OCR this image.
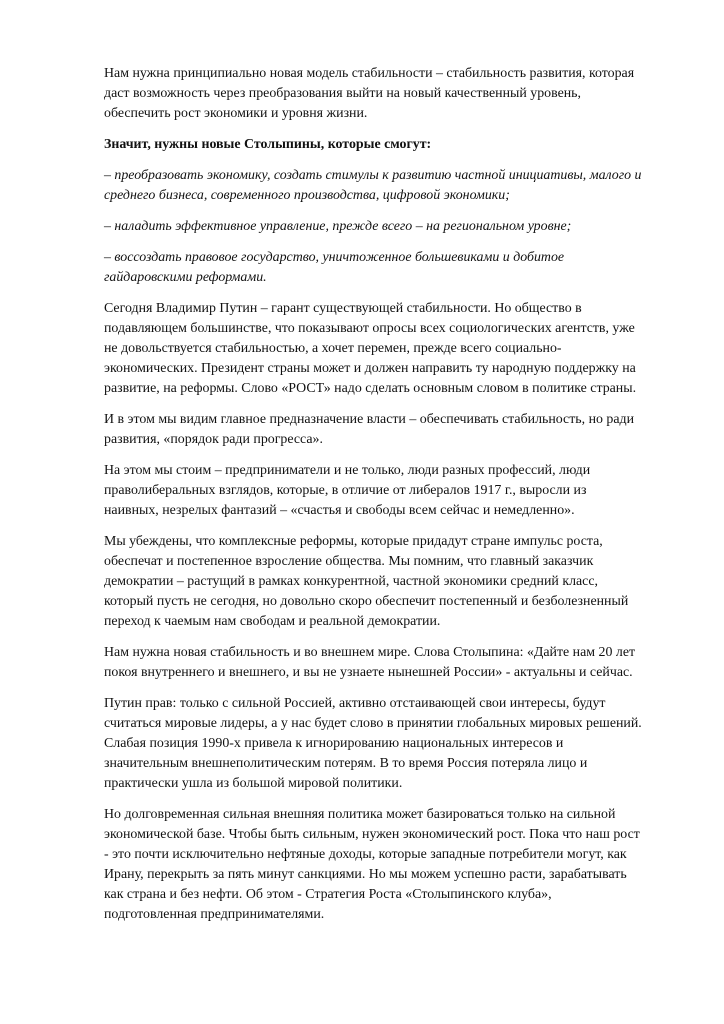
Нам нужна принципиально новая модель стабильности – стабильность развития, которая
даст возможность через преобразования выйти на новый качественный уровень,
обеспечить рост экономики и уровня жизни.

Значит, нужны новые Столыпины, которые смогут:

– преобразовать экономику, создать стимулы к развитию частной инициативы, малого и
среднего бизнеса, современного производства, цифровой экономики;

– наладить эффективное управление, прежде всего – на региональном уровне;

– воссоздать правовое государство, уничтоженное большевиками и добитое
гайдаровскими реформами.

Сегодня Владимир Путин – гарант существующей стабильности. Но общество в
подавляющем большинстве, что показывают опросы всех социологических агентств, уже
не довольствуется стабильностью, а хочет перемен, прежде всего социально-
экономических. Президент страны может и должен направить ту народную поддержку на
развитие, на реформы. Слово «РОСТ» надо сделать основным словом в политике страны.

И в этом мы видим главное предназначение власти – обеспечивать стабильность, но ради
развития, «порядок ради прогресса».

На этом мы стоим – предприниматели и не только, люди разных профессий, люди
праволиберальных взглядов, которые, в отличие от либералов 1917 г., выросли из
наивных, незрелых фантазий – «счастья и свободы всем сейчас и немедленно».

Мы убеждены, что комплексные реформы, которые придадут стране импульс роста,
обеспечат и постепенное взросление общества. Мы помним, что главный заказчик
демократии – растущий в рамках конкурентной, частной экономики средний класс,
который пусть не сегодня, но довольно скоро обеспечит постепенный и безболезненный
переход к чаемым нам свободам и реальной демократии.

Нам нужна новая стабильность и во внешнем мире. Слова Столыпина: «Дайте нам 20 лет
покоя внутреннего и внешнего, и вы не узнаете нынешней России» - актуальны и сейчас.

Путин прав: только с сильной Россией, активно отстаивающей свои интересы, будут
считаться мировые лидеры, а у нас будет слово в принятии глобальных мировых решений.
Слабая позиция 1990-х привела к игнорированию национальных интересов и
значительным внешнеполитическим потерям. В то время Россия потеряла лицо и
практически ушла из большой мировой политики.

Но долговременная сильная внешняя политика может базироваться только на сильной
экономической базе. Чтобы быть сильным, нужен экономический рост. Пока что наш рост
- это почти исключительно нефтяные доходы, которые западные потребители могут, как
Ирану, перекрыть за пять минут санкциями. Но мы можем успешно расти, зарабатывать
как страна и без нефти. Об этом - Стратегия Роста «Столыпинского клуба»,
подготовленная предпринимателями.
